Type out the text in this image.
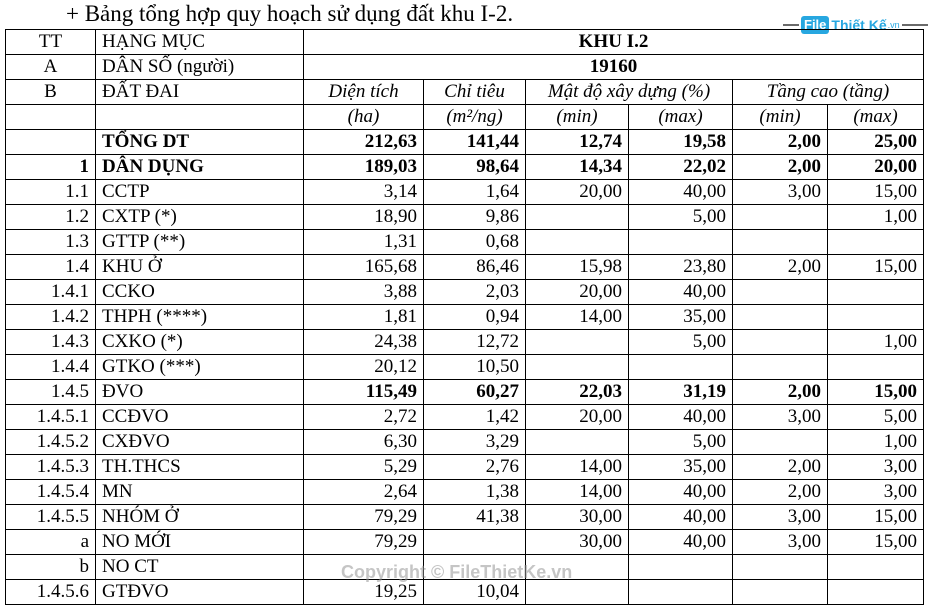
+ Bảng tổng hợp quy hoạch sử dụng đất khu I-2.	File Thiết Kế .vn
TT	HẠNG MỤC	KHU I.2					
A	DÂN SỐ (người)	19160					
B	ĐẤT ĐAI	Diện tích	Chỉ tiêu	Mật độ xây dựng (%)		Tầng cao (tầng)	
		(ha)	(m²/ng)	(min)	(max)	(min)	(max)
	TỔNG DT	212,63	141,44	12,74	19,58	2,00	25,00
1	DÂN DỤNG	189,03	98,64	14,34	22,02	2,00	20,00
1.1	CCTP	3,14	1,64	20,00	40,00	3,00	15,00
1.2	CXTP (*)	18,90	9,86		5,00		1,00
1.3	GTTP (**)	1,31	0,68				
1.4	KHU Ở	165,68	86,46	15,98	23,80	2,00	15,00
1.4.1	CCKO	3,88	2,03	20,00	40,00		
1.4.2	THPH (****)	1,81	0,94	14,00	35,00		
1.4.3	CXKO (*)	24,38	12,72		5,00		1,00
1.4.4	GTKO (***)	20,12	10,50				
1.4.5	ĐVO	115,49	60,27	22,03	31,19	2,00	15,00
1.4.5.1	CCĐVO	2,72	1,42	20,00	40,00	3,00	5,00
1.4.5.2	CXĐVO	6,30	3,29		5,00		1,00
1.4.5.3	TH.THCS	5,29	2,76	14,00	35,00	2,00	3,00
1.4.5.4	MN	2,64	1,38	14,00	40,00	2,00	3,00
1.4.5.5	NHÓM Ở	79,29	41,38	30,00	40,00	3,00	15,00
a	NO MỚI	79,29		30,00	40,00	3,00	15,00
b	NO CT						
1.4.5.6	GTĐVO	19,25	10,04				
Copyright © FileThietKe.vn
